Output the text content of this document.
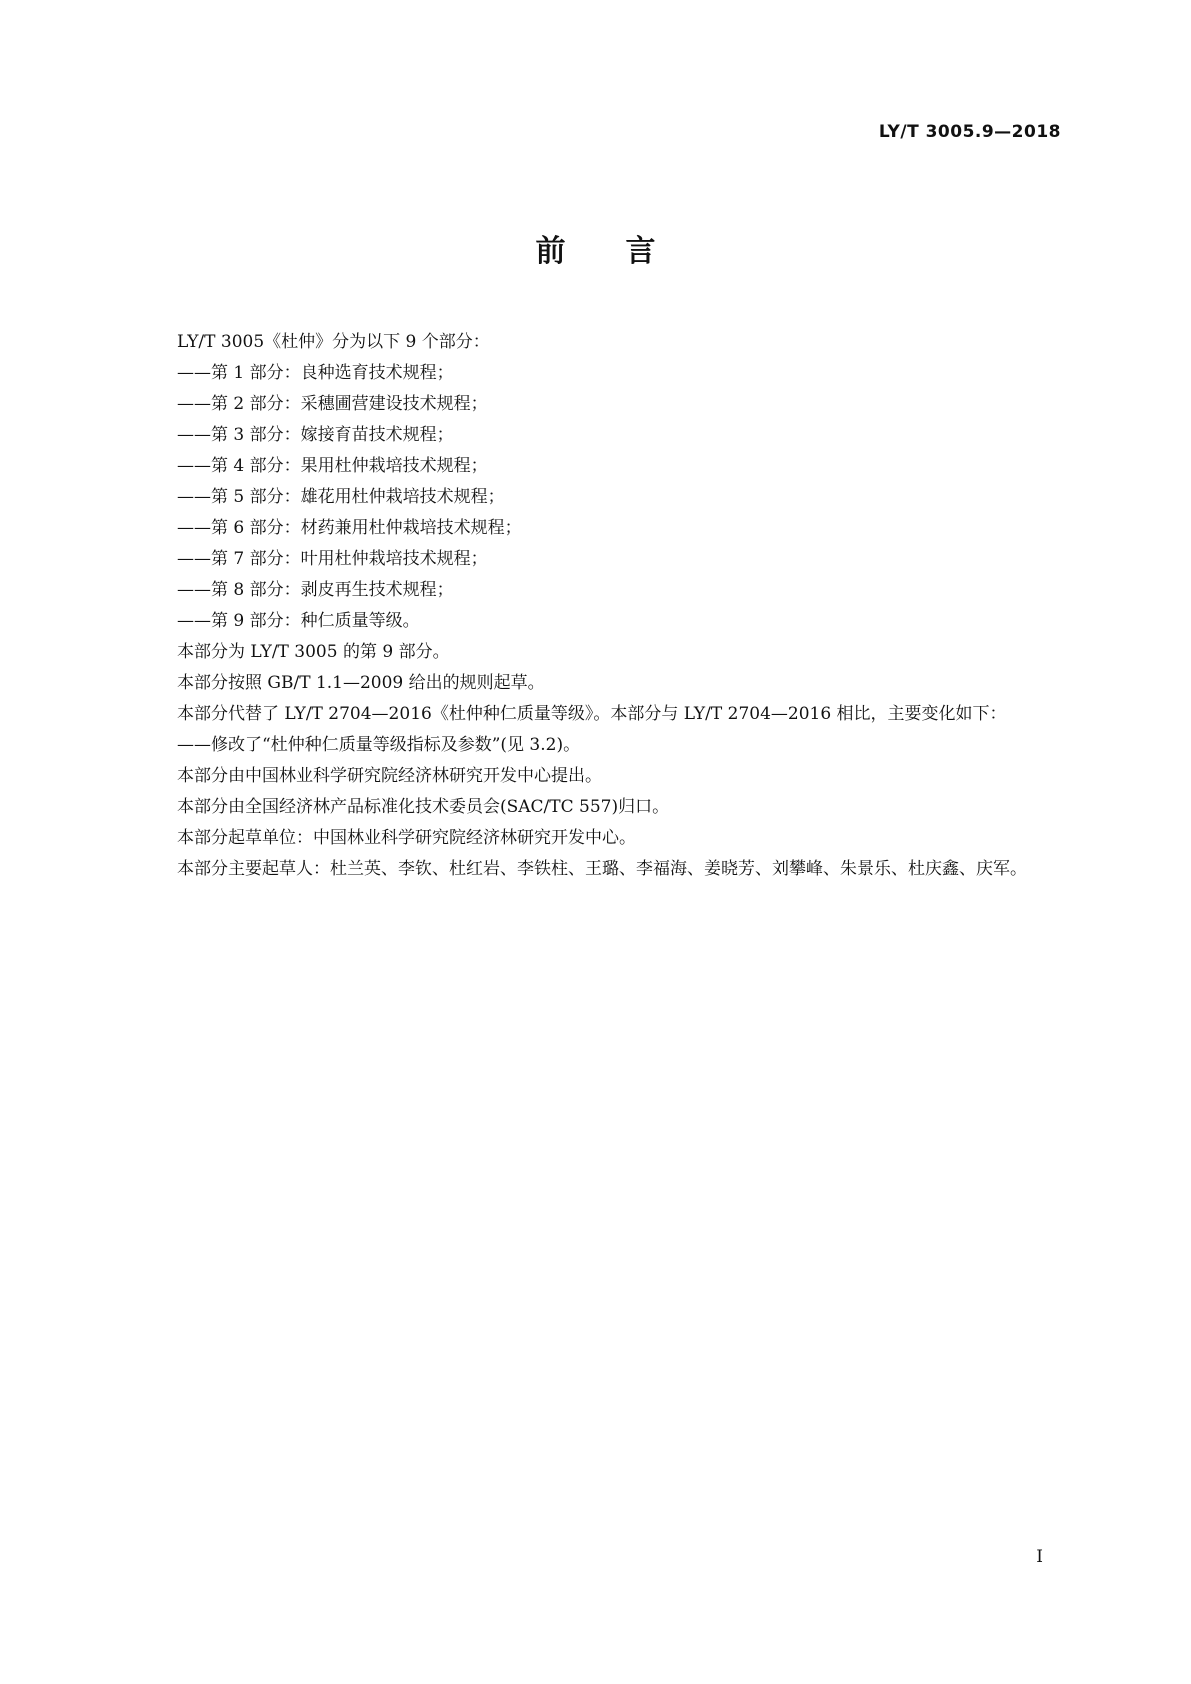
LY/T 3005.9—2018
前言

LY/T 3005《杜仲》分为以下 9 个部分：

——第 1 部分：良种选育技术规程；

——第 2 部分：采穗圃营建设技术规程；

——第 3 部分：嫁接育苗技术规程；

——第 4 部分：果用杜仲栽培技术规程；

——第 5 部分：雄花用杜仲栽培技术规程；

——第 6 部分：材药兼用杜仲栽培技术规程；

——第 7 部分：叶用杜仲栽培技术规程；

——第 8 部分：剥皮再生技术规程；

——第 9 部分：种仁质量等级。

本部分为 LY/T 3005 的第 9 部分。

本部分按照 GB/T 1.1—2009 给出的规则起草。

本部分代替了 LY/T 2704—2016《杜仲种仁质量等级》。本部分与 LY/T 2704—2016 相比，主要变化如下：

——修改了“杜仲种仁质量等级指标及参数”(见 3.2)。

本部分由中国林业科学研究院经济林研究开发中心提出。

本部分由全国经济林产品标准化技术委员会(SAC/TC 557)归口。

本部分起草单位：中国林业科学研究院经济林研究开发中心。

本部分主要起草人：杜兰英、李钦、杜红岩、李铁柱、王璐、李福海、姜晓芳、刘攀峰、朱景乐、杜庆鑫、庆军。

I
